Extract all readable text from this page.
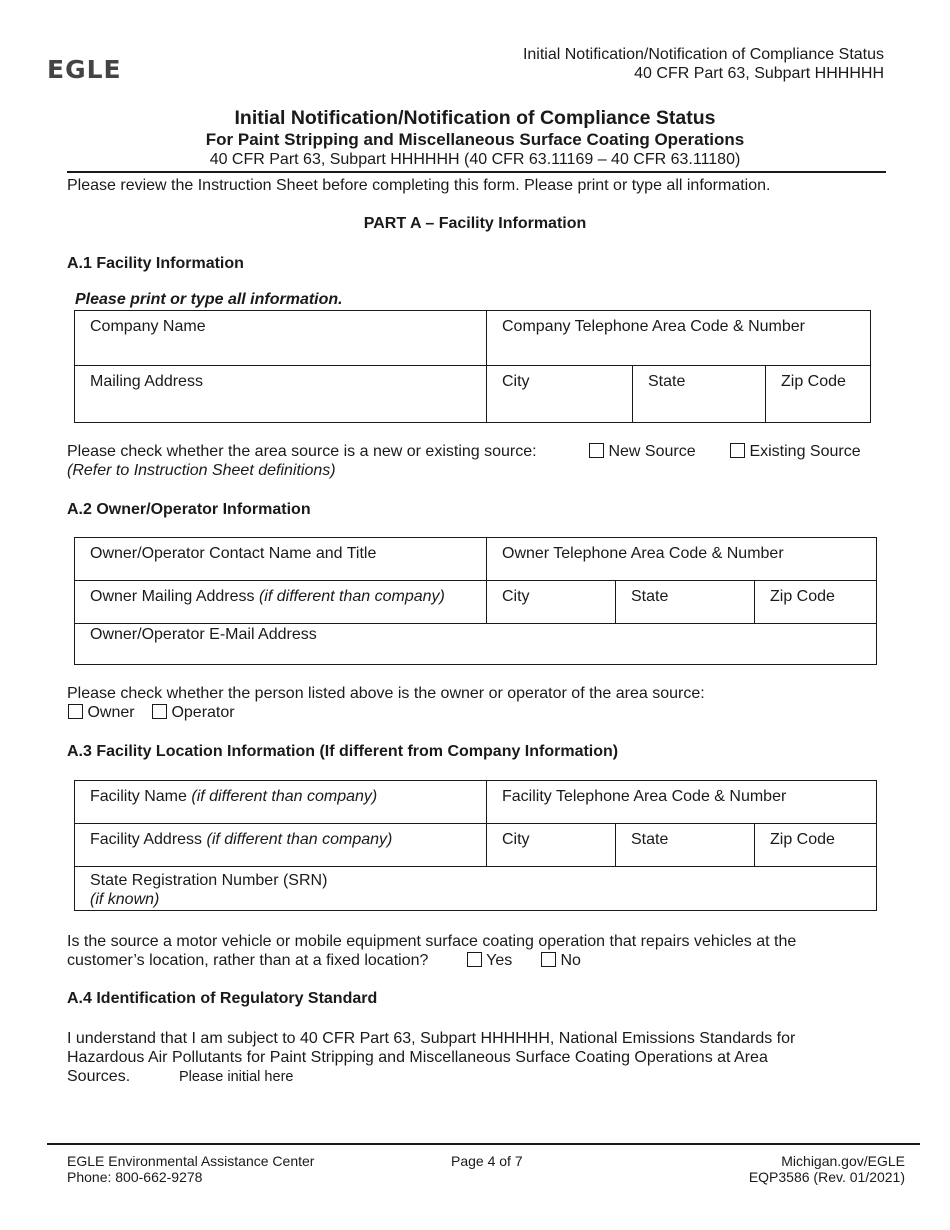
EGLE
Initial Notification/Notification of Compliance Status
40 CFR Part 63, Subpart HHHHHH
Initial Notification/Notification of Compliance Status
For Paint Stripping and Miscellaneous Surface Coating Operations
40 CFR Part 63, Subpart HHHHHH (40 CFR 63.11169 – 40 CFR 63.11180)
Please review the Instruction Sheet before completing this form. Please print or type all information.
PART A – Facility Information
A.1 Facility Information
Please print or type all information.
Company Name	Company Telephone Area Code & Number		
Mailing Address	City	State	Zip Code
Please check whether the area source is a new or existing source:	New Source	Existing Source
(Refer to Instruction Sheet definitions)
A.2 Owner/Operator Information
Owner/Operator Contact Name and Title	Owner Telephone Area Code & Number		
Owner Mailing Address (if different than company)	City	State	Zip Code
Owner/Operator E-Mail Address			
Please check whether the person listed above is the owner or operator of the area source:
Owner	Operator
A.3 Facility Location Information (If different from Company Information)
Facility Name (if different than company)	Facility Telephone Area Code & Number		
Facility Address (if different than company)	City	State	Zip Code

State Registration Number (SRN)
(if known)			
Is the source a motor vehicle or mobile equipment surface coating operation that repairs vehicles at the
customer’s location, rather than at a fixed location?	Yes	No
A.4 Identification of Regulatory Standard
I understand that I am subject to 40 CFR Part 63, Subpart HHHHHH, National Emissions Standards for
Hazardous Air Pollutants for Paint Stripping and Miscellaneous Surface Coating Operations at Area
Sources.	Please initial here
EGLE Environmental Assistance Center
Phone: 800-662-9278
Page 4 of 7	Michigan.gov/EGLE
EQP3586 (Rev. 01/2021)
